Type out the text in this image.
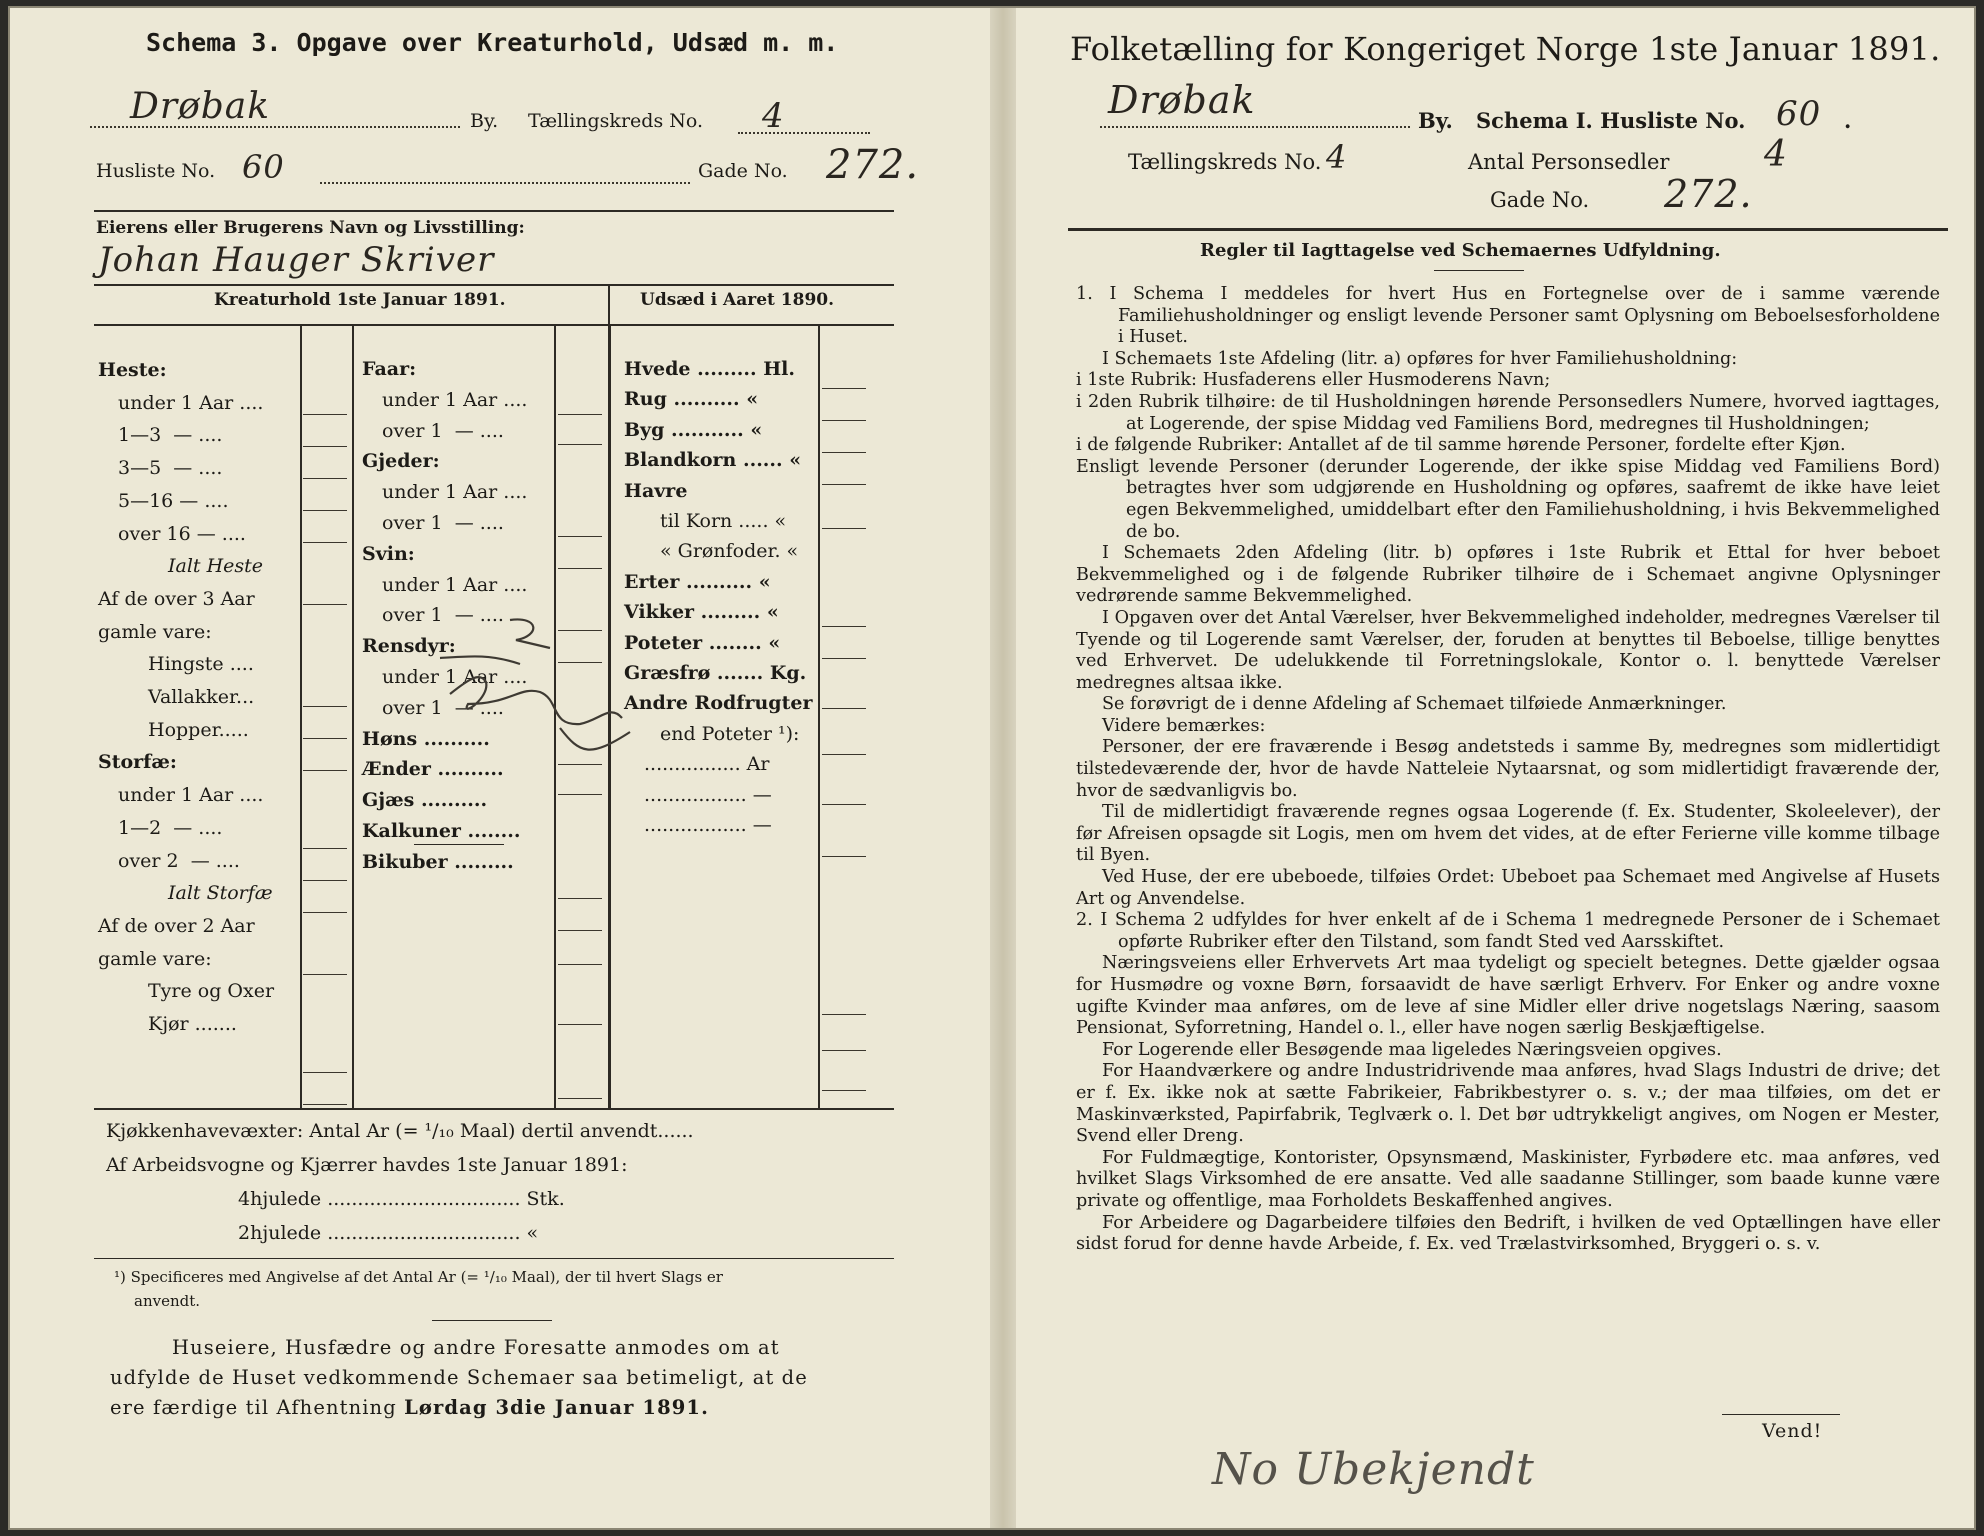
Schema 3. Opgave over Kreaturhold, Udsæd m. m.
Drøbak	By. Tællingskreds No. 4
Husliste No. 60	Gade No. 272.
Eierens eller Brugerens Navn og Livsstilling:
Johan Hauger Skriver
Kreaturhold 1ste Januar 1891.	Udsæd i Aaret 1890.
Heste:
under 1 Aar ....
1—3  — ....
3—5  — ....
5—16 — ....
over 16 — ....
Ialt Heste
Af de over 3 Aar
gamle vare:
Hingste ....
Vallakker...
Hopper.....
Storfæ:
under 1 Aar ....
1—2  — ....
over 2  — ....
Ialt Storfæ
Af de over 2 Aar
gamle vare:
Tyre og Oxer
Kjør .......
Faar:
under 1 Aar ....
over 1  — ....
Gjeder:
under 1 Aar ....
over 1  — ....
Svin:
under 1 Aar ....
over 1  — ....
Rensdyr:
under 1 Aar ....
over 1  — ....
Høns ..........
Ænder ..........
Gjæs ..........
Kalkuner ........
Bikuber .........
Hvede ......... Hl.
Rug .......... «
Byg ........... «
Blandkorn ...... «
Havre
til Korn ..... «
« Grønfoder. «
Erter .......... «
Vikker ......... «
Poteter ........ «
Græsfrø ....... Kg.
Andre Rodfrugter
end Poteter ¹):
................ Ar
................. —
................. —
Kjøkkenhavevæxter: Antal Ar (= ¹/₁₀ Maal) dertil anvendt......
Af Arbeidsvogne og Kjærrer havdes 1ste Januar 1891:
4hjulede ................................ Stk.
2hjulede ................................ «
¹) Specificeres med Angivelse af det Antal Ar (= ¹/₁₀ Maal), der til hvert Slags er
anvendt.
Huseiere, Husfædre og andre Foresatte anmodes om at
udfylde de Huset vedkommende Schemaer saa betimeligt, at de
ere færdige til Afhentning Lørdag 3die Januar 1891.
Folketælling for Kongeriget Norge 1ste Januar 1891.
Drøbak	By. Schema I. Husliste No. 60 .
Tællingskreds No. 4	Antal Personsedler	4
Gade No. 272.
Regler til Iagttagelse ved Schemaernes Udfyldning.

1. I Schema I meddeles for hvert Hus en Fortegnelse over de i samme værende Familiehusholdninger og ensligt levende Personer samt Oplysning om Beboelsesforholdene i Huset.

I Schemaets 1ste Afdeling (litr. a) opføres for hver Familiehusholdning:

i 1ste Rubrik: Husfaderens eller Husmoderens Navn;

i 2den Rubrik tilhøire: de til Husholdningen hørende Personsedlers Numere, hvorved iagttages, at Logerende, der spise Middag ved Familiens Bord, medregnes til Husholdningen;

i de følgende Rubriker: Antallet af de til samme hørende Personer, fordelte efter Kjøn.

Ensligt levende Personer (derunder Logerende, der ikke spise Middag ved Familiens Bord) betragtes hver som udgjørende en Husholdning og opføres, saafremt de ikke have leiet egen Bekvemmelighed, umiddelbart efter den Familiehusholdning, i hvis Bekvemmelighed de bo.

I Schemaets 2den Afdeling (litr. b) opføres i 1ste Rubrik et Ettal for hver beboet Bekvemmelighed og i de følgende Rubriker tilhøire de i Schemaet angivne Oplysninger vedrørende samme Bekvemmelighed.

I Opgaven over det Antal Værelser, hver Bekvemmelighed indeholder, medregnes Værelser til Tyende og til Logerende samt Værelser, der, foruden at benyttes til Beboelse, tillige benyttes ved Erhvervet. De udelukkende til Forretningslokale, Kontor o. l. benyttede Værelser medregnes altsaa ikke.

Se forøvrigt de i denne Afdeling af Schemaet tilføiede Anmærkninger.

Videre bemærkes:

Personer, der ere fraværende i Besøg andetsteds i samme By, medregnes som midlertidigt tilstedeværende der, hvor de havde Natteleie Nytaarsnat, og som midlertidigt fraværende der, hvor de sædvanligvis bo.

Til de midlertidigt fraværende regnes ogsaa Logerende (f. Ex. Studenter, Skoleelever), der før Afreisen opsagde sit Logis, men om hvem det vides, at de efter Ferierne ville komme tilbage til Byen.

Ved Huse, der ere ubeboede, tilføies Ordet: Ubeboet paa Schemaet med Angivelse af Husets Art og Anvendelse.

2. I Schema 2 udfyldes for hver enkelt af de i Schema 1 medregnede Personer de i Schemaet opførte Rubriker efter den Tilstand, som fandt Sted ved Aarsskiftet.

Næringsveiens eller Erhvervets Art maa tydeligt og specielt betegnes. Dette gjælder ogsaa for Husmødre og voxne Børn, forsaavidt de have særligt Erhverv. For Enker og andre voxne ugifte Kvinder maa anføres, om de leve af sine Midler eller drive nogetslags Næring, saasom Pensionat, Syforretning, Handel o. l., eller have nogen særlig Beskjæftigelse.

For Logerende eller Besøgende maa ligeledes Næringsveien opgives.

For Haandværkere og andre Industridrivende maa anføres, hvad Slags Industri de drive; det er f. Ex. ikke nok at sætte Fabrikeier, Fabrikbestyrer o. s. v.; der maa tilføies, om det er Maskinværksted, Papirfabrik, Teglværk o. l. Det bør udtrykkeligt angives, om Nogen er Mester, Svend eller Dreng.

For Fuldmægtige, Kontorister, Opsynsmænd, Maskinister, Fyrbødere etc. maa anføres, ved hvilket Slags Virksomhed de ere ansatte. Ved alle saadanne Stillinger, som baade kunne være private og offentlige, maa Forholdets Beskaffenhed angives.

For Arbeidere og Dagarbeidere tilføies den Bedrift, i hvilken de ved Optællingen have eller sidst forud for denne havde Arbeide, f. Ex. ved Trælastvirksomhed, Bryggeri o. s. v.

Vend!
No Ubekjendt
